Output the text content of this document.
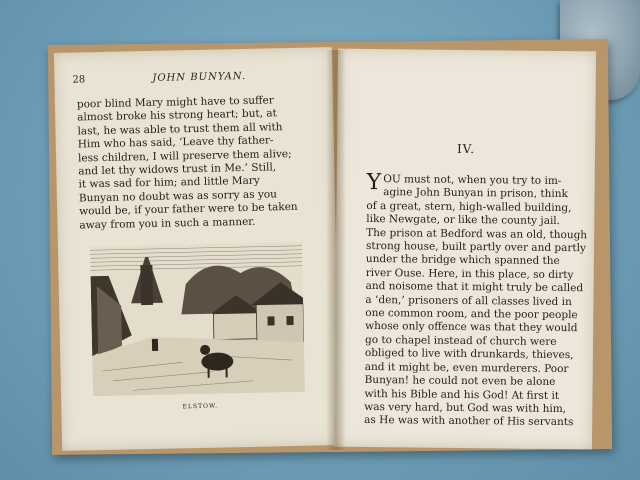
28	JOHN BUNYAN.
poor blind Mary might have to suffer
almost broke his strong heart; but, at
last, he was able to trust them all with
Him who has said, ‘Leave thy father-
less children, I will preserve them alive;
and let thy widows trust in Me.’ Still,
it was sad for him; and little Mary
Bunyan no doubt was as sorry as you
would be, if your father were to be taken
away from you in such a manner.
ELSTOW.
IV.
Y OU must not, when you try to im-
agine John Bunyan in prison, think
of a great, stern, high-walled building,
like Newgate, or like the county jail.
The prison at Bedford was an old, though
strong house, built partly over and partly
under the bridge which spanned the
river Ouse. Here, in this place, so dirty
and noisome that it might truly be called
a ‘den,’ prisoners of all classes lived in
one common room, and the poor people
whose only offence was that they would
go to chapel instead of church were
obliged to live with drunkards, thieves,
and it might be, even murderers. Poor
Bunyan! he could not even be alone
with his Bible and his God! At first it
was very hard, but God was with him,
as He was with another of His servants
